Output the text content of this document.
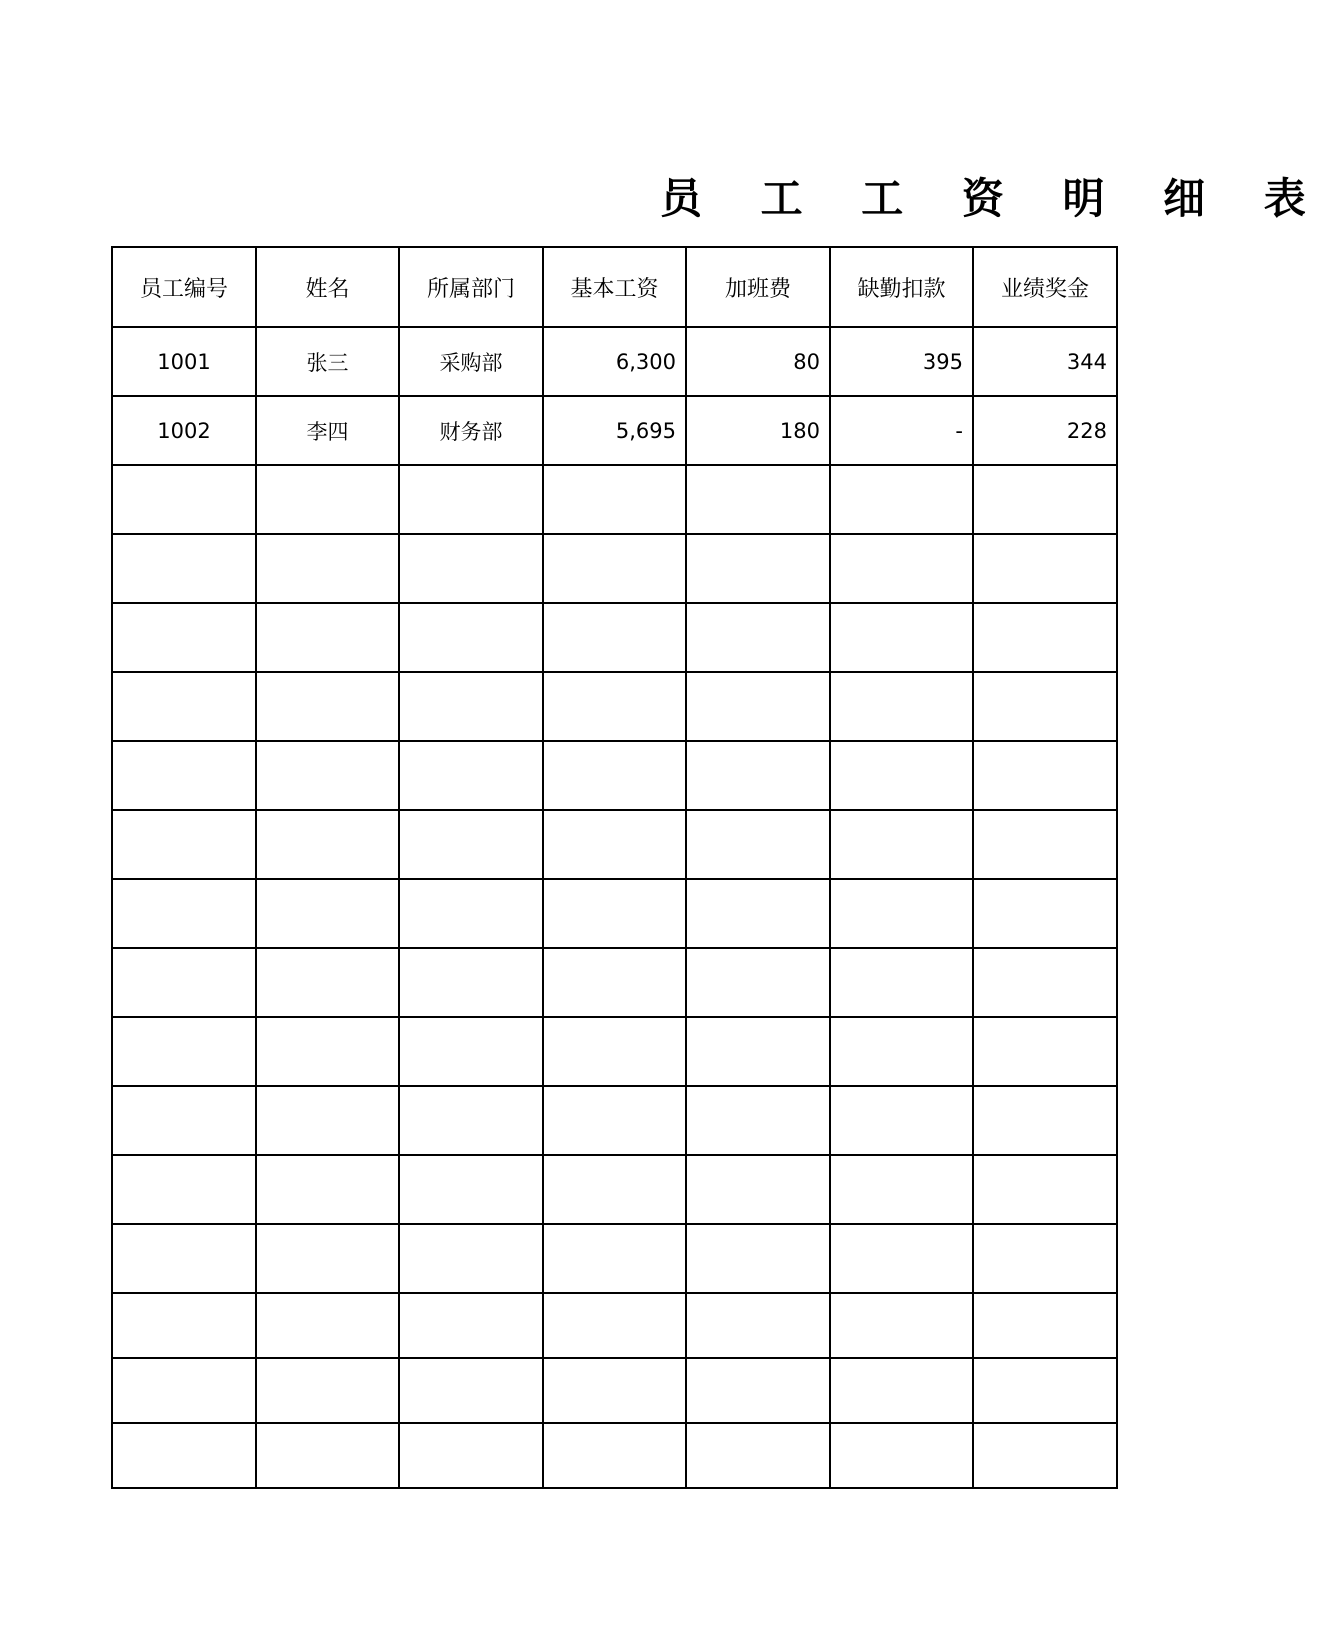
员 工 工 资 明 细 表
员工编号	姓名	所属部门	基本工资	加班费	缺勤扣款	业绩奖金
1001	张三	采购部	6,300	80	395	344
1002	李四	财务部	5,695	180	-	228
